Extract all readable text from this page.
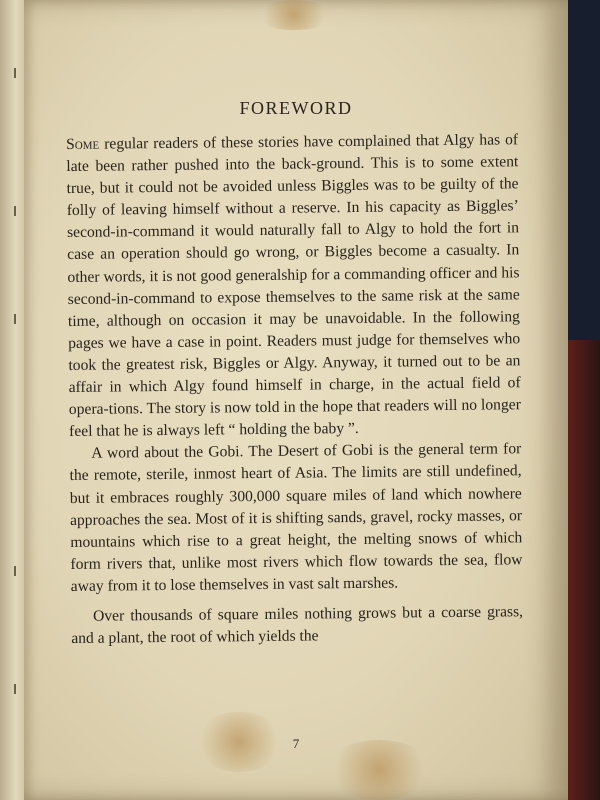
FOREWORD

Some regular readers of these stories have complained that Algy has of late been rather pushed into the back-ground. This is to some extent true, but it could not be avoided unless Biggles was to be guilty of the folly of leaving himself without a reserve. In his capacity as Biggles’ second-in-command it would naturally fall to Algy to hold the fort in case an operation should go wrong, or Biggles become a casualty. In other words, it is not good generalship for a commanding officer and his second-in-command to expose themselves to the same risk at the same time, although on occasion it may be unavoidable. In the following pages we have a case in point. Readers must judge for themselves who took the greatest risk, Biggles or Algy. Anyway, it turned out to be an affair in which Algy found himself in charge, in the actual field of opera-tions. The story is now told in the hope that readers will no longer feel that he is always left “ holding the baby ”.

A word about the Gobi. The Desert of Gobi is the general term for the remote, sterile, inmost heart of Asia. The limits are still undefined, but it embraces roughly 300,000 square miles of land which nowhere approaches the sea. Most of it is shifting sands, gravel, rocky masses, or mountains which rise to a great height, the melting snows of which form rivers that, unlike most rivers which flow towards the sea, flow away from it to lose themselves in vast salt marshes.

Over thousands of square miles nothing grows but a coarse grass, and a plant, the root of which yields the

7
